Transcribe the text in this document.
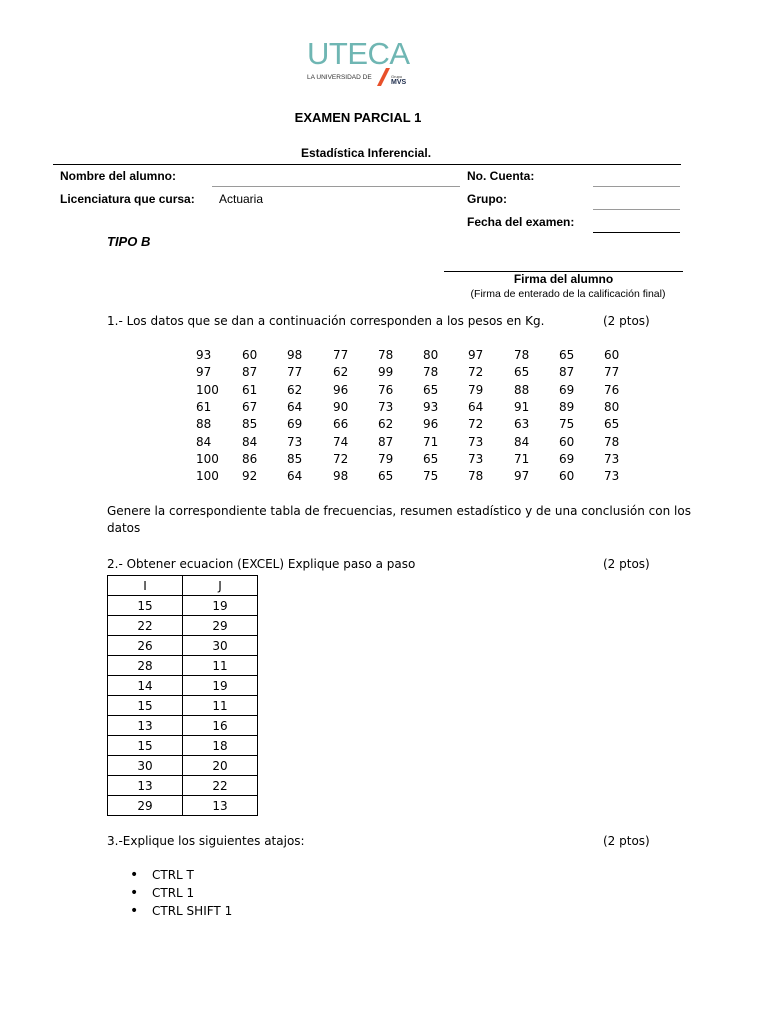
UTECA
LA UNIVERSIDAD DE	Grupo
MVS
EXAMEN PARCIAL 1
Estadística Inferencial.
Nombre del alumno:	No. Cuenta:
Licenciatura que cursa: Actuaria	Grupo:
Fecha del examen:
TIPO B
Firma del alumno
(Firma de enterado de la calificación final)
1.- Los datos que se dan a continuación corresponden a los pesos en Kg.	(2 ptos)
93	60 98	77 78 80 97	78 65 60
97	87 77	62 99 78 72	65 87 77
100 61 62	96 76 65 79	88 69 76
61	67 64	90 73 93 64	91 89 80
88	85 69	66 62 96 72	63 75 65
84	84 73	74 87 71 73	84 60 78
100 86 85	72 79 65 73	71 69 73
100 92 64	98 65 75 78	97 60 73
Genere la correspondiente tabla de frecuencias, resumen estadístico y de una conclusión con los
datos
2.- Obtener ecuacion (EXCEL) Explique paso a paso	(2 ptos)
I	J
15	19
22	29
26	30
28	11
14	19
15	11
13	16
15	18
30	20
13	22
29	13
3.-Explique los siguientes atajos:	(2 ptos)
• CTRL T
• CTRL 1
• CTRL SHIFT 1
